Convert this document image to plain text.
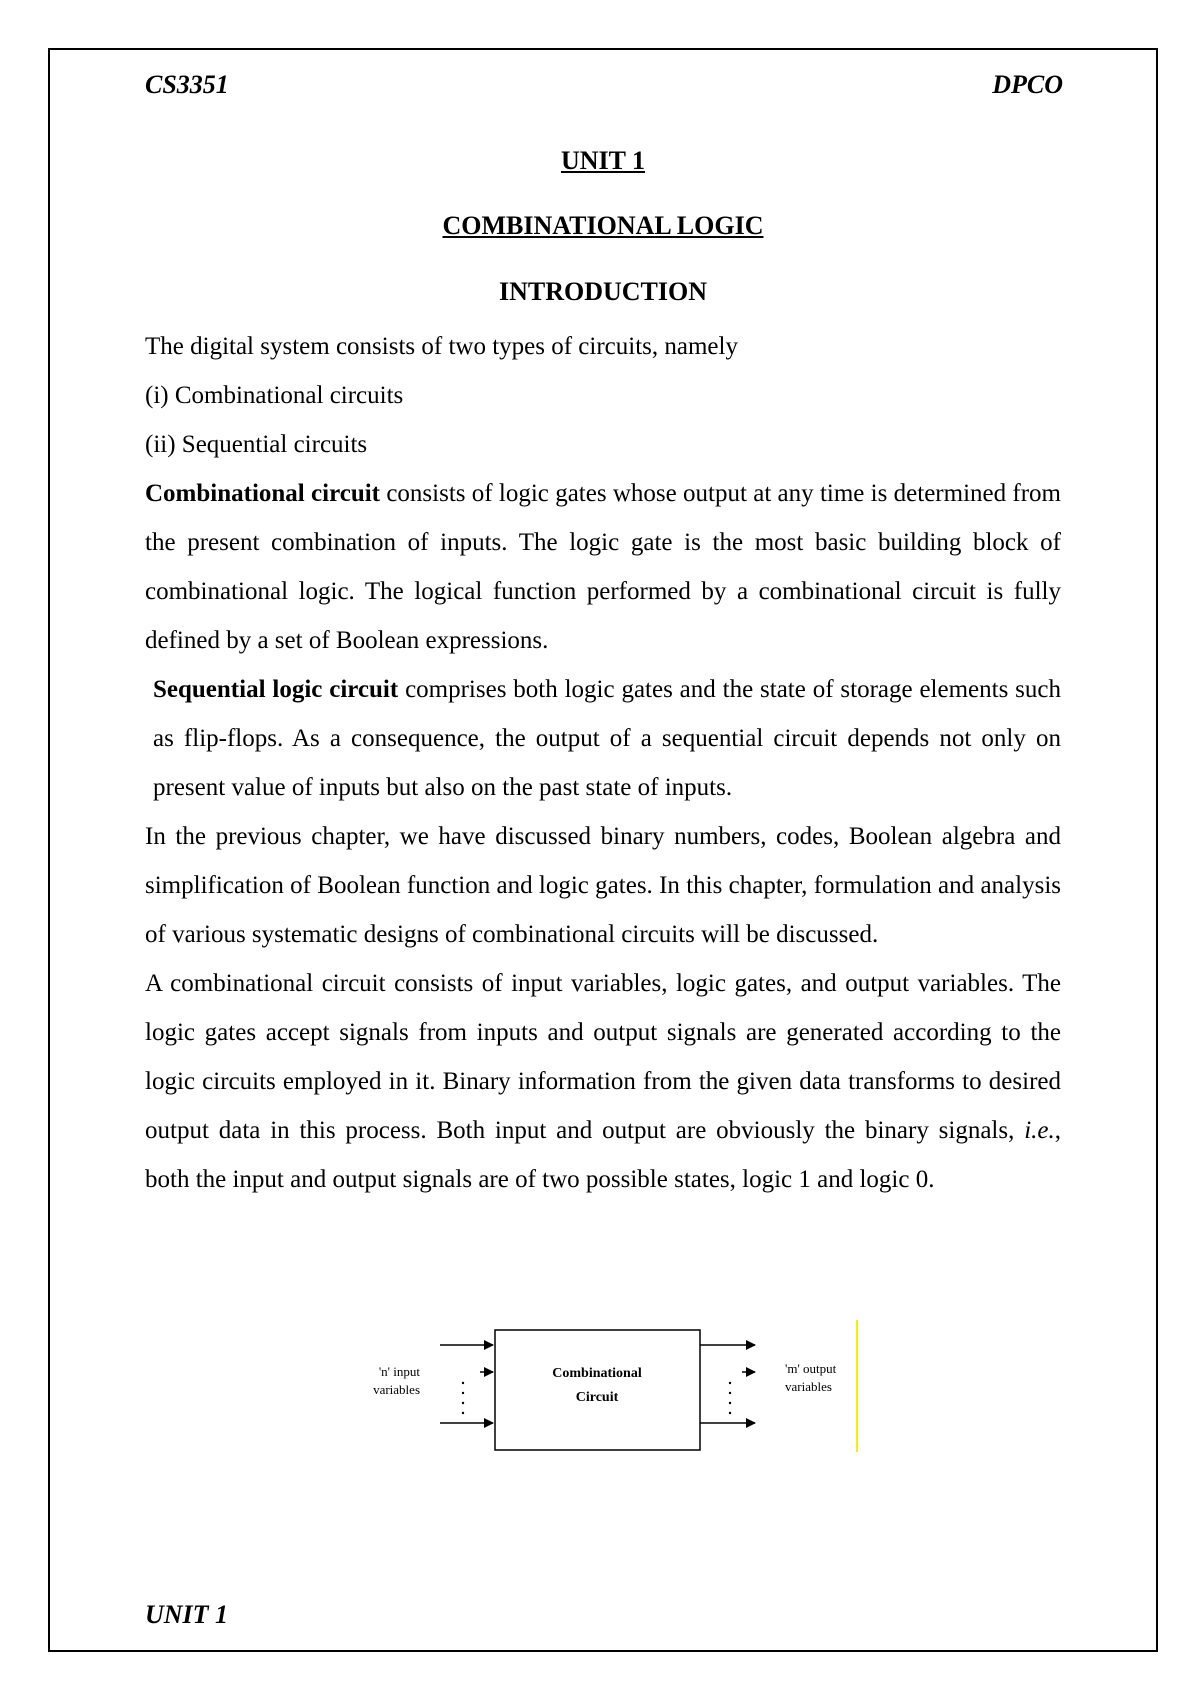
CS3351	DPCO
UNIT 1
COMBINATIONAL LOGIC
INTRODUCTION

The digital system consists of two types of circuits, namely

(i) Combinational circuits

(ii) Sequential circuits

Combinational circuit consists of logic gates whose output at any time is determined from the present combination of inputs. The logic gate is the most basic building block of combinational logic. The logical function performed by a combinational circuit is fully defined by a set of Boolean expressions.

Sequential logic circuit comprises both logic gates and the state of storage elements such as flip-flops. As a consequence, the output of a sequential circuit depends not only on present value of inputs but also on the past state of inputs.

In the previous chapter, we have discussed binary numbers, codes, Boolean algebra and simplification of Boolean function and logic gates. In this chapter, formulation and analysis of various systematic designs of combinational circuits will be discussed.

A combinational circuit consists of input variables, logic gates, and output variables. The logic gates accept signals from inputs and output signals are generated according to the logic circuits employed in it. Binary information from the given data transforms to desired output data in this process. Both input and output are obviously the binary signals, i.e., both the input and output signals are of two possible states, logic 1 and logic 0.

Combinational
Circuit
'n' input
variables
'm' output
variables
UNIT 1
